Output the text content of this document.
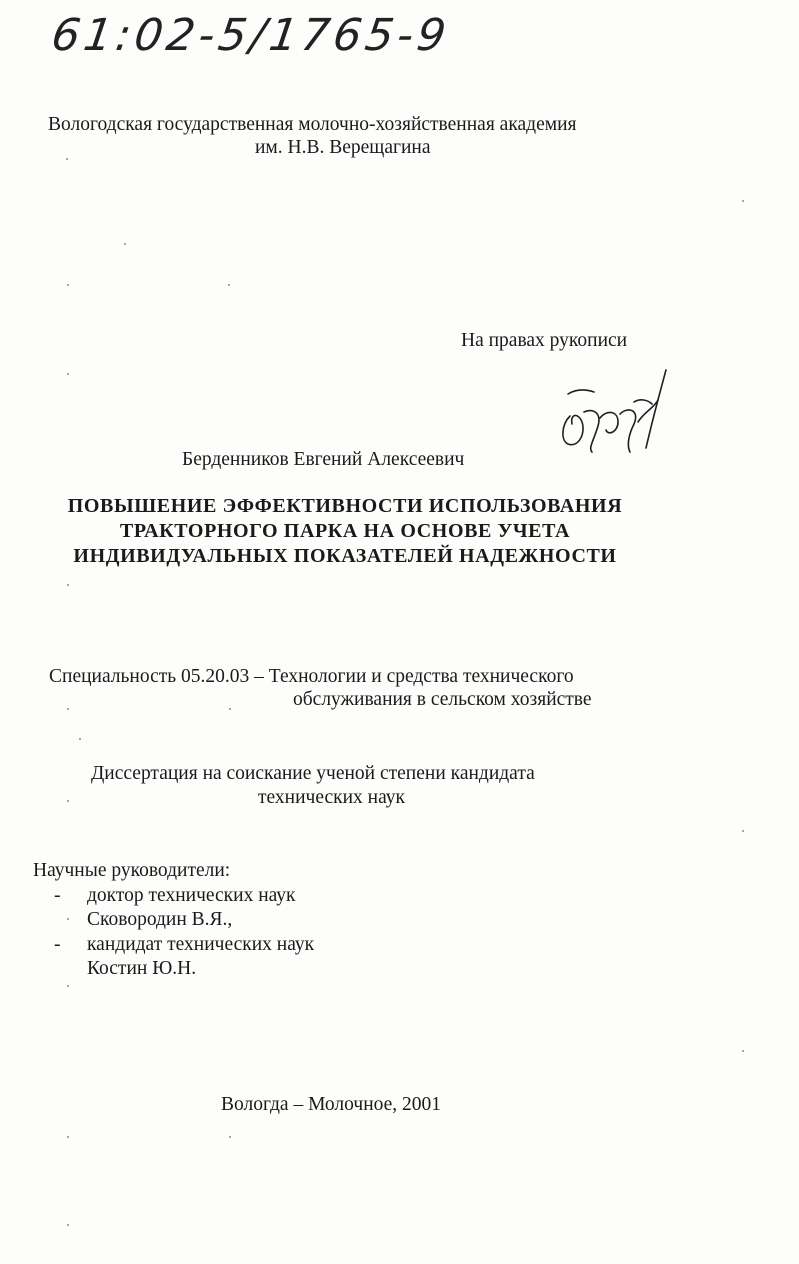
61:02-5/1765-9
Вологодская государственная молочно-хозяйственная академия
им. Н.В. Верещагина
На правах рукописи
Берденников Евгений Алексеевич
ПОВЫШЕНИЕ ЭФФЕКТИВНОСТИ ИСПОЛЬЗОВАНИЯ
ТРАКТОРНОГО ПАРКА НА ОСНОВЕ УЧЕТА
ИНДИВИДУАЛЬНЫХ ПОКАЗАТЕЛЕЙ НАДЕЖНОСТИ
Специальность 05.20.03 – Технологии и средства технического
обслуживания в сельском хозяйстве
Диссертация на соискание ученой степени кандидата
технических наук
Научные руководители:
- доктор технических наук
Сковородин В.Я.,
- кандидат технических наук
Костин Ю.Н.
Вологда – Молочное, 2001
